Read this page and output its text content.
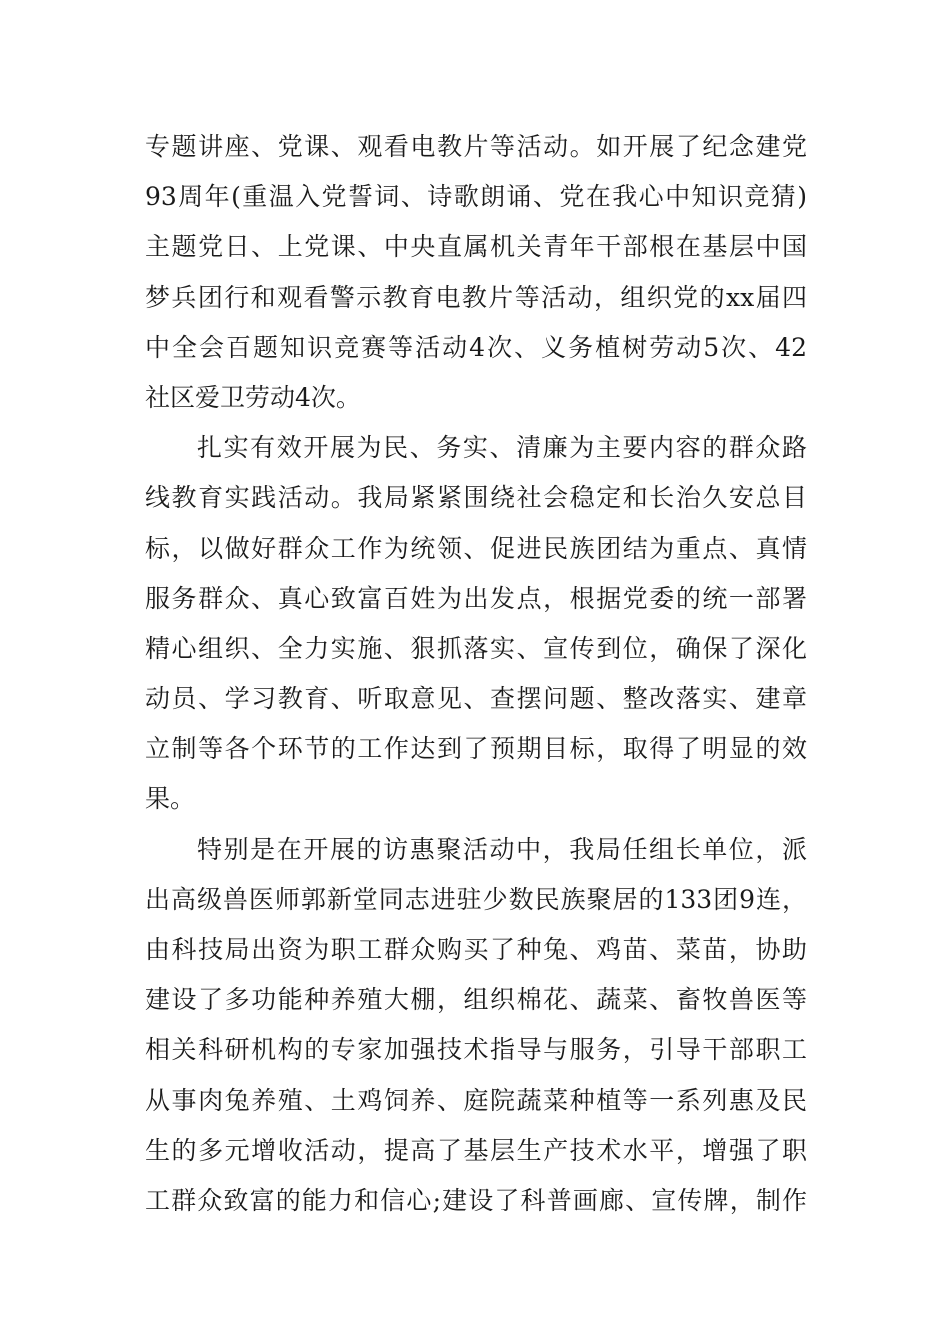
专题讲座、党课、观看电教片等活动。如开展了纪念建党
93周年(重温入党誓词、诗歌朗诵、党在我心中知识竞猜)
主题党日、上党课、中央直属机关青年干部根在基层中国
梦兵团行和观看警示教育电教片等活动，组织党的xx届四
中全会百题知识竞赛等活动4次、义务植树劳动5次、42
社区爱卫劳动4次。
扎实有效开展为民、务实、清廉为主要内容的群众路
线教育实践活动。我局紧紧围绕社会稳定和长治久安总目
标，以做好群众工作为统领、促进民族团结为重点、真情
服务群众、真心致富百姓为出发点，根据党委的统一部署
精心组织、全力实施、狠抓落实、宣传到位，确保了深化
动员、学习教育、听取意见、查摆问题、整改落实、建章
立制等各个环节的工作达到了预期目标，取得了明显的效
果。
特别是在开展的访惠聚活动中，我局任组长单位，派
出高级兽医师郭新堂同志进驻少数民族聚居的133团9连，
由科技局出资为职工群众购买了种兔、鸡苗、菜苗，协助
建设了多功能种养殖大棚，组织棉花、蔬菜、畜牧兽医等
相关科研机构的专家加强技术指导与服务，引导干部职工
从事肉兔养殖、土鸡饲养、庭院蔬菜种植等一系列惠及民
生的多元增收活动，提高了基层生产技术水平，增强了职
工群众致富的能力和信心;建设了科普画廊、宣传牌，制作
